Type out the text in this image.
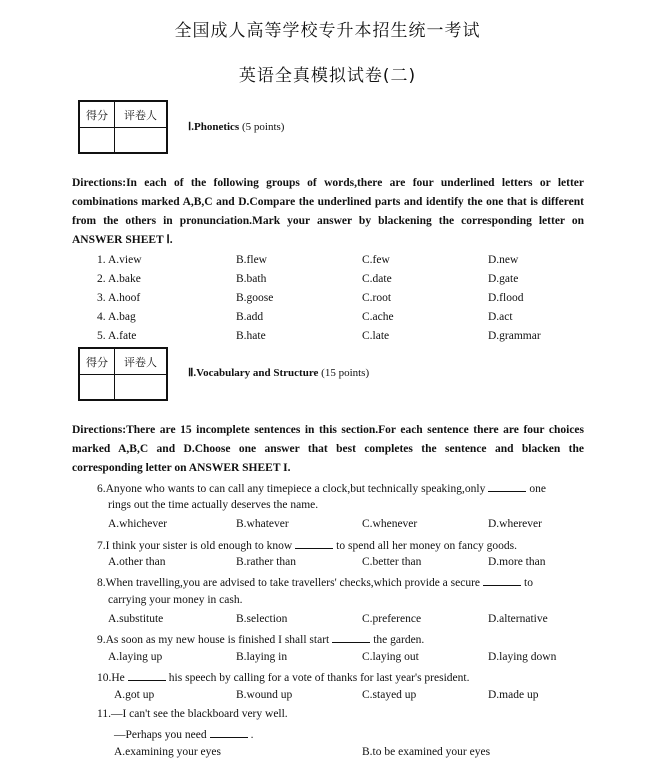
全国成人高等学校专升本招生统一考试
英语全真模拟试卷(二)
得分	评卷人

Ⅰ.Phonetics (5 points)
Directions:In each of the following groups of words,there are four underlined letters or letter combinations marked A,B,C and D.Compare the underlined parts and identify the one that is different from the others in pronunciation.Mark your answer by blackening the corresponding letter on ANSWER SHEET Ⅰ.
1. A.view	B.flew	C.few	D.new
2. A.bake	B.bath	C.date	D.gate
3. A.hoof	B.goose	C.root	D.flood
4. A.bag	B.add	C.ache	D.act
5. A.fate	B.hate	C.late	D.grammar
得分	评卷人

Ⅱ.Vocabulary and Structure (15 points)
Directions:There are 15 incomplete sentences in this section.For each sentence there are four choices marked A,B,C and D.Choose one answer that best completes the sentence and blacken the corresponding letter on ANSWER SHEET I.
6.Anyone who wants to can call any timepiece a clock,but technically speaking,only	one
rings out the time actually deserves the name.
A.whichever	B.whatever	C.whenever	D.wherever
7.I think your sister is old enough to know	to spend all her money on fancy goods.
A.other than	B.rather than	C.better than	D.more than
8.When travelling,you are advised to take travellers' checks,which provide a secure	to
carrying your money in cash.
A.substitute	B.selection	C.preference	D.alternative
9.As soon as my new house is finished I shall start	the garden.
A.laying up	B.laying in	C.laying out	D.laying down
10.He	his speech by calling for a vote of thanks for last year's president.
A.got up	B.wound up	C.stayed up	D.made up
11.—I can't see the blackboard very well.
—Perhaps you need	.
A.examining your eyes	B.to be examined your eyes
